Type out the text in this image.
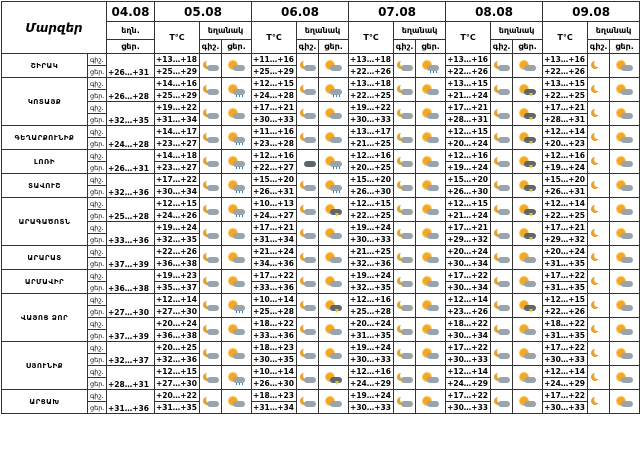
Մարզեր		04.08	05.08			06.08			07.08			08.08			09.08		
		եղն.	T°C	եղանակ		T°C	եղանակ		T°C	եղանակ		T°C	եղանակ		T°C	եղանակ	
		ցեր.		գիշ.	ցեր.		գիշ.	ցեր.		գիշ.	ցեր.		գիշ.	ցեր.		գիշ.	ցեր.
ՇԻՐԱԿ	գիշ.	+26…+31	+13…+18			+11…+16			+13…+18			+13…+16			+13…+16	

	ցեր.		+25…+29			+25…+29			+22…+26			+22…+26			+22…+26		
ԿՈՏԱՅՔ		գիշ.	+26…+28	+14…+16			+12…+15			+13…+18			+13…+15			+13…+15	

	ցեր.		+25…+29			+24…+28			+22…+25			+21…+24			+22…+25		
	գիշ.	+32…+35	+19…+22			+17…+21			+19…+22			+17…+21			+17…+21	

	ցեր.		+31…+34			+30…+33			+30…+33			+28…+31			+28…+31		
ԳԵՂԱՐՔՈՒՆԻՔ	գիշ.	+24…+28	+14…+17			+11…+16			+13…+17			+12…+15			+12…+14	

	ցեր.		+23…+27			+23…+28			+21…+25			+20…+24			+20…+23		
ԼՈՌԻ	գիշ.	+26…+31	+14…+18			+12…+16			+12…+16			+12…+16			+12…+16	

	ցեր.		+23…+27			+22…+27			+20…+25			+19…+24			+19…+24		
ՏԱՎՈՒՇ	գիշ.	+32…+36	+17…+22			+15…+20			+15…+20			+15…+20			+15…+20	

	ցեր.		+30…+34			+26…+31			+26…+30			+26…+30			+26…+31		
ԱՐԱԳԱԾՈՏՆ		գիշ.	+25…+28	+12…+15			+10…+13			+12…+15			+12…+15			+12…+14	

	ցեր.		+24…+26			+24…+27			+22…+25			+21…+24			+22…+25		
	գիշ.	+33…+36	+19…+24			+17…+21			+19…+24			+17…+21			+17…+21	

	ցեր.		+32…+35			+31…+34			+30…+33			+29…+32			+29…+32		
ԱՐԱՐԱՏ	գիշ.	+37…+39	+22…+26			+21…+24			+21…+25			+20…+24			+20…+24	

	ցեր.		+36…+38			+34…+36			+32…+36			+30…+34			+31…+35		
ԱՐՄԱՎԻՐ	գիշ.	+36…+38	+19…+23			+17…+22			+19…+24			+17…+22			+17…+22	

	ցեր.		+35…+37			+33…+36			+32…+35			+30…+34			+31…+35		
ՎԱՅՈՑ ՁՈՐ		գիշ.	+27…+30	+12…+14			+10…+14			+12…+16			+12…+14			+12…+15	

	ցեր.		+27…+30			+25…+28			+25…+28			+23…+26			+22…+26		
	գիշ.	+37…+39	+20…+24			+18…+22			+20…+24			+18…+22			+18…+22	

	ցեր.		+36…+38			+33…+36			+31…+35			+30…+34			+31…+35		
ՍՅՈՒՆԻՔ		գիշ.	+32…+37	+20…+25			+18…+23			+19…+24			+17…+22			+17…+22	

	ցեր.		+32…+36			+30…+35			+30…+33			+30…+33			+30…+33		
	գիշ.	+28…+31	+12…+15			+10…+14			+12…+16			+12…+14			+12…+14	

	ցեր.		+27…+30			+26…+30			+24…+29			+24…+29			+24…+29		
ԱՐՑԱԽ	գիշ.	+31…+36	+20…+22			+18…+23			+19…+24			+17…+22			+17…+22	

	ցեր.		+31…+35			+31…+34			+30…+33			+30…+33			+30…+33		
